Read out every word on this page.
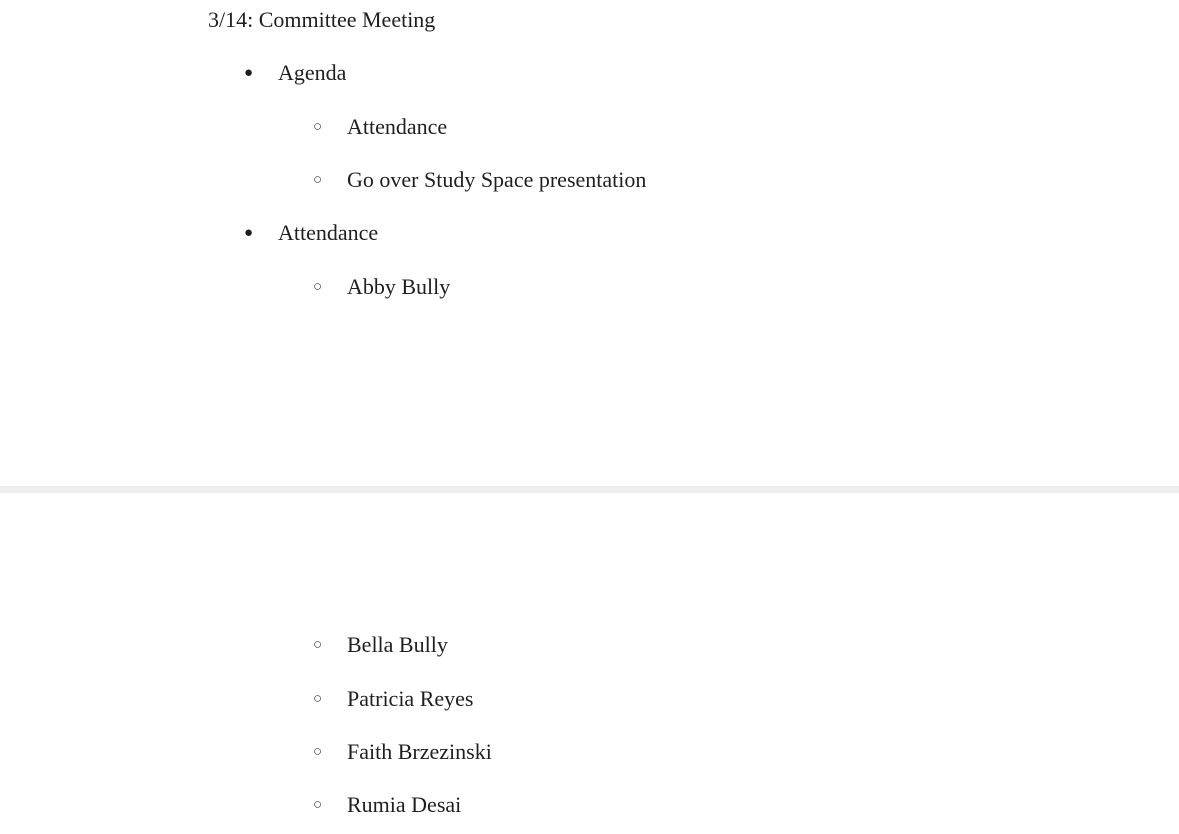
3/14: Committee Meeting
● Agenda
○ Attendance
○ Go over Study Space presentation
● Attendance
○ Abby Bully
○ Bella Bully
○ Patricia Reyes
○ Faith Brzezinski
○ Rumia Desai
